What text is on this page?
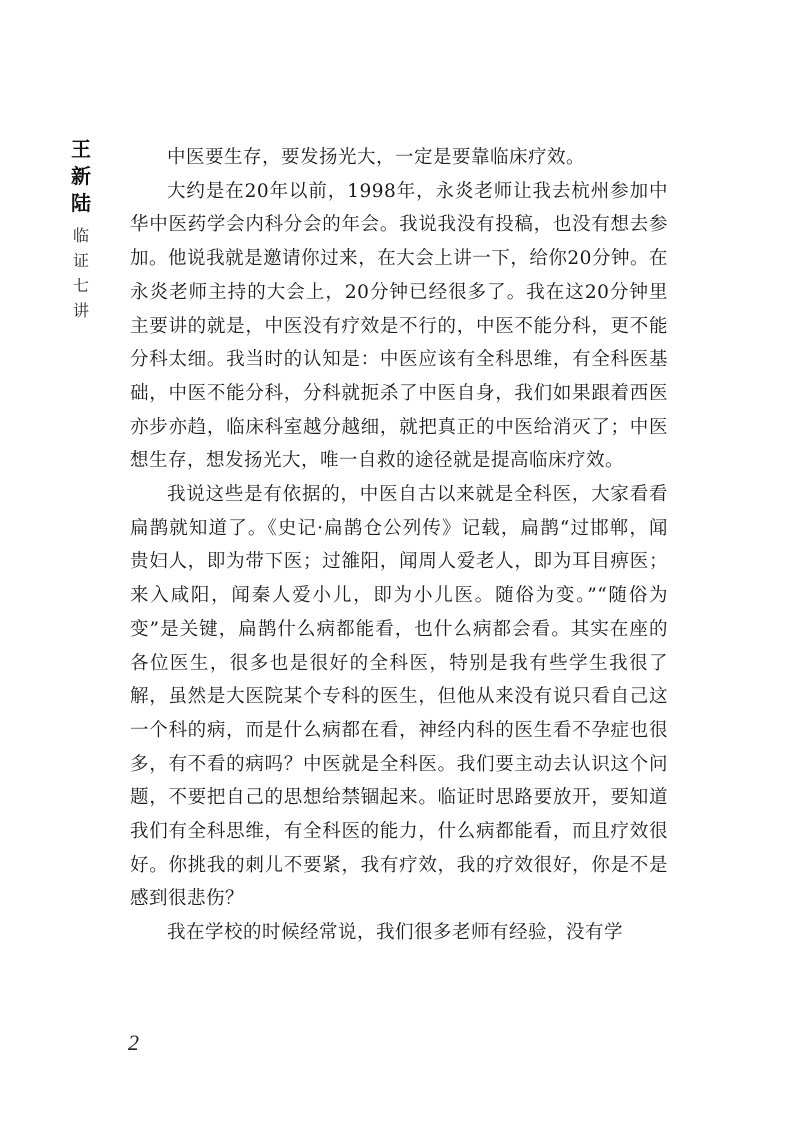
王
新
陆
临
证
七
讲

中医要生存，要发扬光大，一定是要靠临床疗效。

大约是在20年以前，1998年，永炎老师让我去杭州参加中华中医药学会内科分会的年会。我说我没有投稿，也没有想去参加。他说我就是邀请你过来，在大会上讲一下，给你20分钟。在永炎老师主持的大会上，20分钟已经很多了。我在这20分钟里主要讲的就是，中医没有疗效是不行的，中医不能分科，更不能分科太细。我当时的认知是：中医应该有全科思维，有全科医基础，中医不能分科，分科就扼杀了中医自身，我们如果跟着西医亦步亦趋，临床科室越分越细，就把真正的中医给消灭了；中医想生存，想发扬光大，唯一自救的途径就是提高临床疗效。

我说这些是有依据的，中医自古以来就是全科医，大家看看扁鹊就知道了。《史记·扁鹊仓公列传》记载，扁鹊“过邯郸，闻贵妇人，即为带下医；过雒阳，闻周人爱老人，即为耳目痹医；来入咸阳，闻秦人爱小儿，即为小儿医。随俗为变。”“随俗为变”是关键，扁鹊什么病都能看，也什么病都会看。其实在座的各位医生，很多也是很好的全科医，特别是我有些学生我很了解，虽然是大医院某个专科的医生，但他从来没有说只看自己这一个科的病，而是什么病都在看，神经内科的医生看不孕症也很多，有不看的病吗？中医就是全科医。我们要主动去认识这个问题，不要把自己的思想给禁锢起来。临证时思路要放开，要知道我们有全科思维，有全科医的能力，什么病都能看，而且疗效很好。你挑我的刺儿不要紧，我有疗效，我的疗效很好，你是不是感到很悲伤？

我在学校的时候经常说，我们很多老师有经验，没有学

2
